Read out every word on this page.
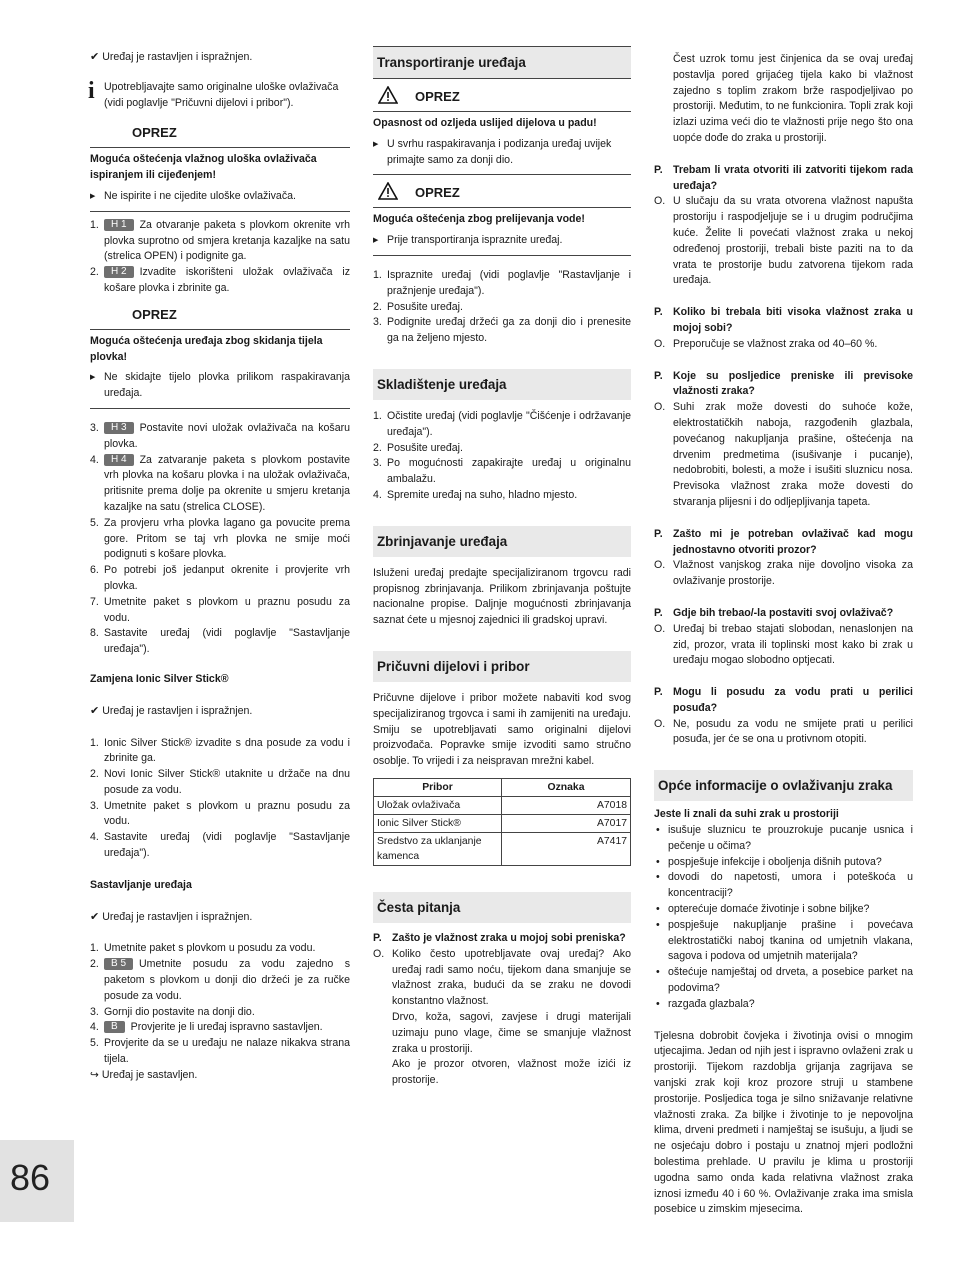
✔ Uređaj je rastavljen i ispražnjen.
i Upotrebljavajte samo originalne uloške ovlaživača (vidi poglavlje "Pričuvni dijelovi i pribor").
OPREZ
Moguća oštećenja vlažnog uloška ovlaživača ispiranjem ili cijeđenjem!
▶ Ne ispirite i ne cijedite uloške ovlaživača.
1. H 1 Za otvaranje paketa s plovkom okrenite vrh plovka suprotno od smjera kretanja kazaljke na satu (strelica OPEN) i podignite ga.
2. H 2 Izvadite iskorišteni uložak ovlaživača iz košare plovka i zbrinite ga.
OPREZ
Moguća oštećenja uređaja zbog skidanja tijela plovka!
▶ Ne skidajte tijelo plovka prilikom raspakiravanja uređaja.
3. H 3 Postavite novi uložak ovlaživača na košaru plovka.
4. H 4 Za zatvaranje paketa s plovkom postavite vrh plovka na košaru plovka i na uložak ovlaživača, pritisnite prema dolje pa okrenite u smjeru kretanja kazaljke na satu (strelica CLOSE).
5. Za provjeru vrha plovka lagano ga povucite prema gore. Pritom se taj vrh plovka ne smije moći podignuti s košare plovka.
6. Po potrebi još jedanput okrenite i provjerite vrh plovka.
7. Umetnite paket s plovkom u praznu posudu za vodu.
8. Sastavite uređaj (vidi poglavlje "Sastavljanje uređaja").
Zamjena Ionic Silver Stick®
✔ Uređaj je rastavljen i ispražnjen.
1. Ionic Silver Stick® izvadite s dna posude za vodu i zbrinite ga.
2. Novi Ionic Silver Stick® utaknite u držače na dnu posude za vodu.
3. Umetnite paket s plovkom u praznu posudu za vodu.
4. Sastavite uređaj (vidi poglavlje "Sastavljanje uređaja").
Sastavljanje uređaja
✔ Uređaj je rastavljen i ispražnjen.
1. Umetnite paket s plovkom u posudu za vodu.
2. B 5 Umetnite posudu za vodu zajedno s paketom s plovkom u donji dio držeći je za ručke posude za vodu.
3. Gornji dio postavite na donji dio.
4. B Provjerite je li uređaj ispravno sastavljen.
5. Provjerite da se u uređaju ne nalaze nikakva strana tijela.
↪ Uređaj je sastavljen.
Transportiranje uređaja
OPREZ
Opasnost od ozljeda uslijed dijelova u padu!
▶ U svrhu raspakiravanja i podizanja uređaj uvijek primajte samo za donji dio.
OPREZ
Moguća oštećenja zbog prelijevanja vode!
▶ Prije transportiranja ispraznite uređaj.
1. Ispraznite uređaj (vidi poglavlje "Rastavljanje i pražnjenje uređaja").
2. Posušite uređaj.
3. Podignite uređaj držeći ga za donji dio i prenesite ga na željeno mjesto.
Skladištenje uređaja
1. Očistite uređaj (vidi poglavlje "Čišćenje i održavanje uređaja").
2. Posušite uređaj.
3. Po mogućnosti zapakirajte uređaj u originalnu ambalažu.
4. Spremite uređaj na suho, hladno mjesto.
Zbrinjavanje uređaja

Isluženi uređaj predajte specijaliziranom trgovcu radi propisnog zbrinjavanja. Prilikom zbrinjavanja poštujte nacionalne propise. Daljnje mogućnosti zbrinjavanja saznat ćete u mjesnoj zajednici ili gradskoj upravi.

Pričuvni dijelovi i pribor

Pričuvne dijelove i pribor možete nabaviti kod svog specijaliziranog trgovca i sami ih zamijeniti na uređaju. Smiju se upotrebljavati samo originalni dijelovi proizvođača. Popravke smije izvoditi samo stručno osoblje. To vrijedi i za neispravan mrežni kabel.

Pribor	Oznaka
Uložak ovlaživača	A7018
Ionic Silver Stick®	A7017
Sredstvo za uklanjanje kamenca	A7417
Česta pitanja
P. Zašto je vlažnost zraka u mojoj sobi preniska?
O. Koliko često upotrebljavate ovaj uređaj? Ako uređaj radi samo noću, tijekom dana smanjuje se vlažnost zraka, budući da se zraku ne dovodi konstantno vlažnost.
Drvo, koža, sagovi, zavjese i drugi materijali uzimaju puno vlage, čime se smanjuje vlažnost zraka u prostoriji.
Ako je prozor otvoren, vlažnost može izići iz prostorije.
Čest uzrok tomu jest činjenica da se ovaj uređaj postavlja pored grijaćeg tijela kako bi vlažnost zajedno s toplim zrakom brže raspodjeljivao po prostoriji. Međutim, to ne funkcionira. Topli zrak koji izlazi uzima veći dio te vlažnosti prije nego što ona uopće dođe do zraka u prostoriji.
P. Trebam li vrata otvoriti ili zatvoriti tijekom rada uređaja?
O. U slučaju da su vrata otvorena vlažnost napušta prostoriju i raspodjeljuje se i u drugim područjima kuće. Želite li povećati vlažnost zraka u nekoj određenoj prostoriji, trebali biste paziti na to da vrata te prostorije budu zatvorena tijekom rada uređaja.
P. Koliko bi trebala biti visoka vlažnost zraka u mojoj sobi?
O. Preporučuje se vlažnost zraka od 40–60 %.
P. Koje su posljedice preniske ili previsoke vlažnosti zraka?
O. Suhi zrak može dovesti do suhoće kože, elektrostatičkih naboja, razgođenih glazbala, povećanog nakupljanja prašine, oštećenja na drvenim predmetima (isušivanje i pucanje), nedobrobiti, bolesti, a može i isušiti sluznicu nosa. Previsoka vlažnost zraka može dovesti do stvaranja plijesni i do odljepljivanja tapeta.
P. Zašto mi je potreban ovlaživač kad mogu jednostavno otvoriti prozor?
O. Vlažnost vanjskog zraka nije dovoljno visoka za ovlaživanje prostorije.
P. Gdje bih trebao/-la postaviti svoj ovlaživač?
O. Uređaj bi trebao stajati slobodan, nenaslonjen na zid, prozor, vrata ili toplinski most kako bi zrak u uređaju mogao slobodno optjecati.
P. Mogu li posudu za vodu prati u perilici posuđa?
O. Ne, posudu za vodu ne smijete prati u perilici posuđa, jer će se ona u protivnom otopiti.
Opće informacije o ovlaživanju zraka
Jeste li znali da suhi zrak u prostoriji
• isušuje sluznicu te prouzrokuje pucanje usnica i pečenje u očima?
• pospješuje infekcije i oboljenja dišnih putova?
• dovodi do napetosti, umora i poteškoća u koncentraciji?
• opterećuje domaće životinje i sobne biljke?
• pospješuje nakupljanje prašine i povećava elektrostatički naboj tkanina od umjetnih vlakana, sagova i podova od umjetnih materijala?
• oštećuje namještaj od drveta, a posebice parket na podovima?
• razgađa glazbala?

Tjelesna dobrobit čovjeka i životinja ovisi o mnogim utjecajima. Jedan od njih jest i ispravno ovlaženi zrak u prostoriji. Tijekom razdoblja grijanja zagrijava se vanjski zrak koji kroz prozore struji u stambene prostorije. Posljedica toga je silno snižavanje relativne vlažnosti zraka. Za biljke i životinje to je nepovoljna klima, drveni predmeti i namještaj se isušuju, a ljudi se ne osjećaju dobro i postaju u znatnoj mjeri podložni bolestima prehlade. U pravilu je klima u prostoriji ugodna samo onda kada relativna vlažnost zraka iznosi između 40 i 60 %. Ovlaživanje zraka ima smisla posebice u zimskim mjesecima.

86
